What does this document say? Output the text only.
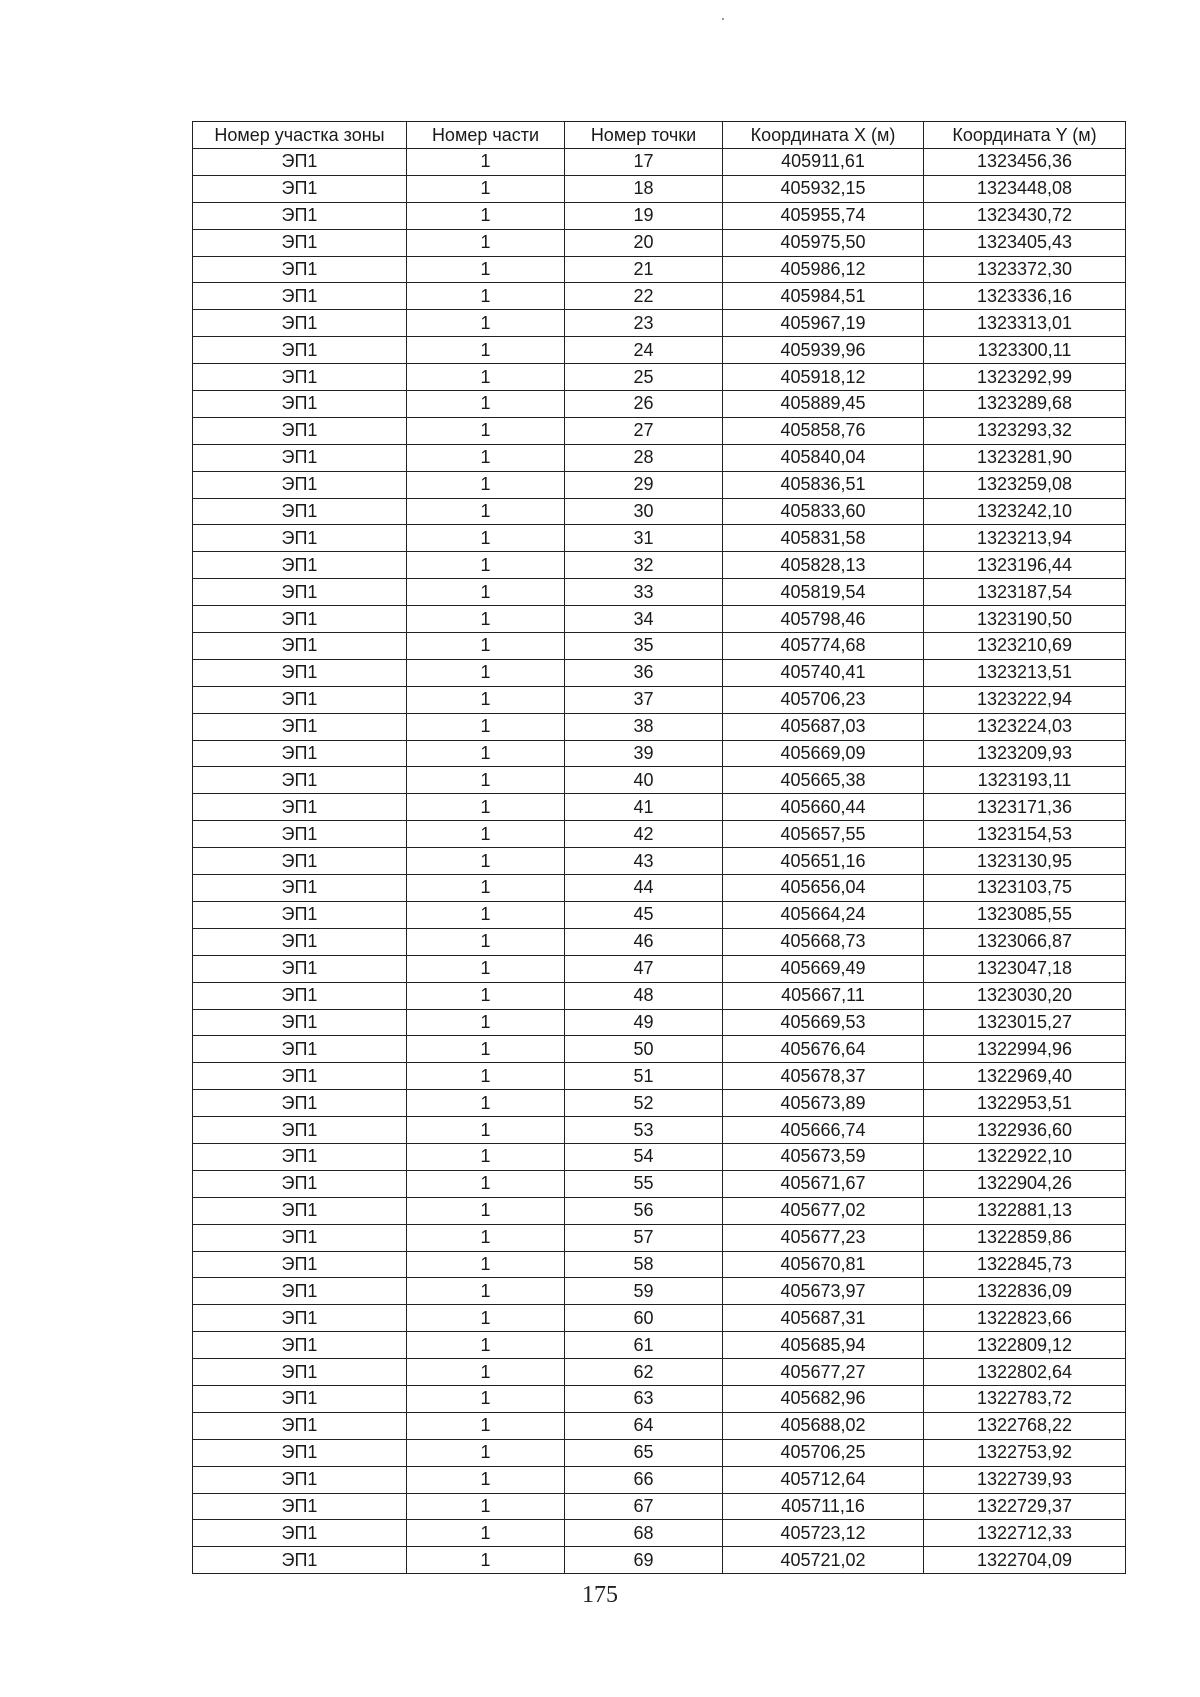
Номер участка зоны	Номер части	Номер точки	Координата X (м)	Координата Y (м)
ЭП1	1	17	405911,61	1323456,36
ЭП1	1	18	405932,15	1323448,08
ЭП1	1	19	405955,74	1323430,72
ЭП1	1	20	405975,50	1323405,43
ЭП1	1	21	405986,12	1323372,30
ЭП1	1	22	405984,51	1323336,16
ЭП1	1	23	405967,19	1323313,01
ЭП1	1	24	405939,96	1323300,11
ЭП1	1	25	405918,12	1323292,99
ЭП1	1	26	405889,45	1323289,68
ЭП1	1	27	405858,76	1323293,32
ЭП1	1	28	405840,04	1323281,90
ЭП1	1	29	405836,51	1323259,08
ЭП1	1	30	405833,60	1323242,10
ЭП1	1	31	405831,58	1323213,94
ЭП1	1	32	405828,13	1323196,44
ЭП1	1	33	405819,54	1323187,54
ЭП1	1	34	405798,46	1323190,50
ЭП1	1	35	405774,68	1323210,69
ЭП1	1	36	405740,41	1323213,51
ЭП1	1	37	405706,23	1323222,94
ЭП1	1	38	405687,03	1323224,03
ЭП1	1	39	405669,09	1323209,93
ЭП1	1	40	405665,38	1323193,11
ЭП1	1	41	405660,44	1323171,36
ЭП1	1	42	405657,55	1323154,53
ЭП1	1	43	405651,16	1323130,95
ЭП1	1	44	405656,04	1323103,75
ЭП1	1	45	405664,24	1323085,55
ЭП1	1	46	405668,73	1323066,87
ЭП1	1	47	405669,49	1323047,18
ЭП1	1	48	405667,11	1323030,20
ЭП1	1	49	405669,53	1323015,27
ЭП1	1	50	405676,64	1322994,96
ЭП1	1	51	405678,37	1322969,40
ЭП1	1	52	405673,89	1322953,51
ЭП1	1	53	405666,74	1322936,60
ЭП1	1	54	405673,59	1322922,10
ЭП1	1	55	405671,67	1322904,26
ЭП1	1	56	405677,02	1322881,13
ЭП1	1	57	405677,23	1322859,86
ЭП1	1	58	405670,81	1322845,73
ЭП1	1	59	405673,97	1322836,09
ЭП1	1	60	405687,31	1322823,66
ЭП1	1	61	405685,94	1322809,12
ЭП1	1	62	405677,27	1322802,64
ЭП1	1	63	405682,96	1322783,72
ЭП1	1	64	405688,02	1322768,22
ЭП1	1	65	405706,25	1322753,92
ЭП1	1	66	405712,64	1322739,93
ЭП1	1	67	405711,16	1322729,37
ЭП1	1	68	405723,12	1322712,33
ЭП1	1	69	405721,02	1322704,09
175
